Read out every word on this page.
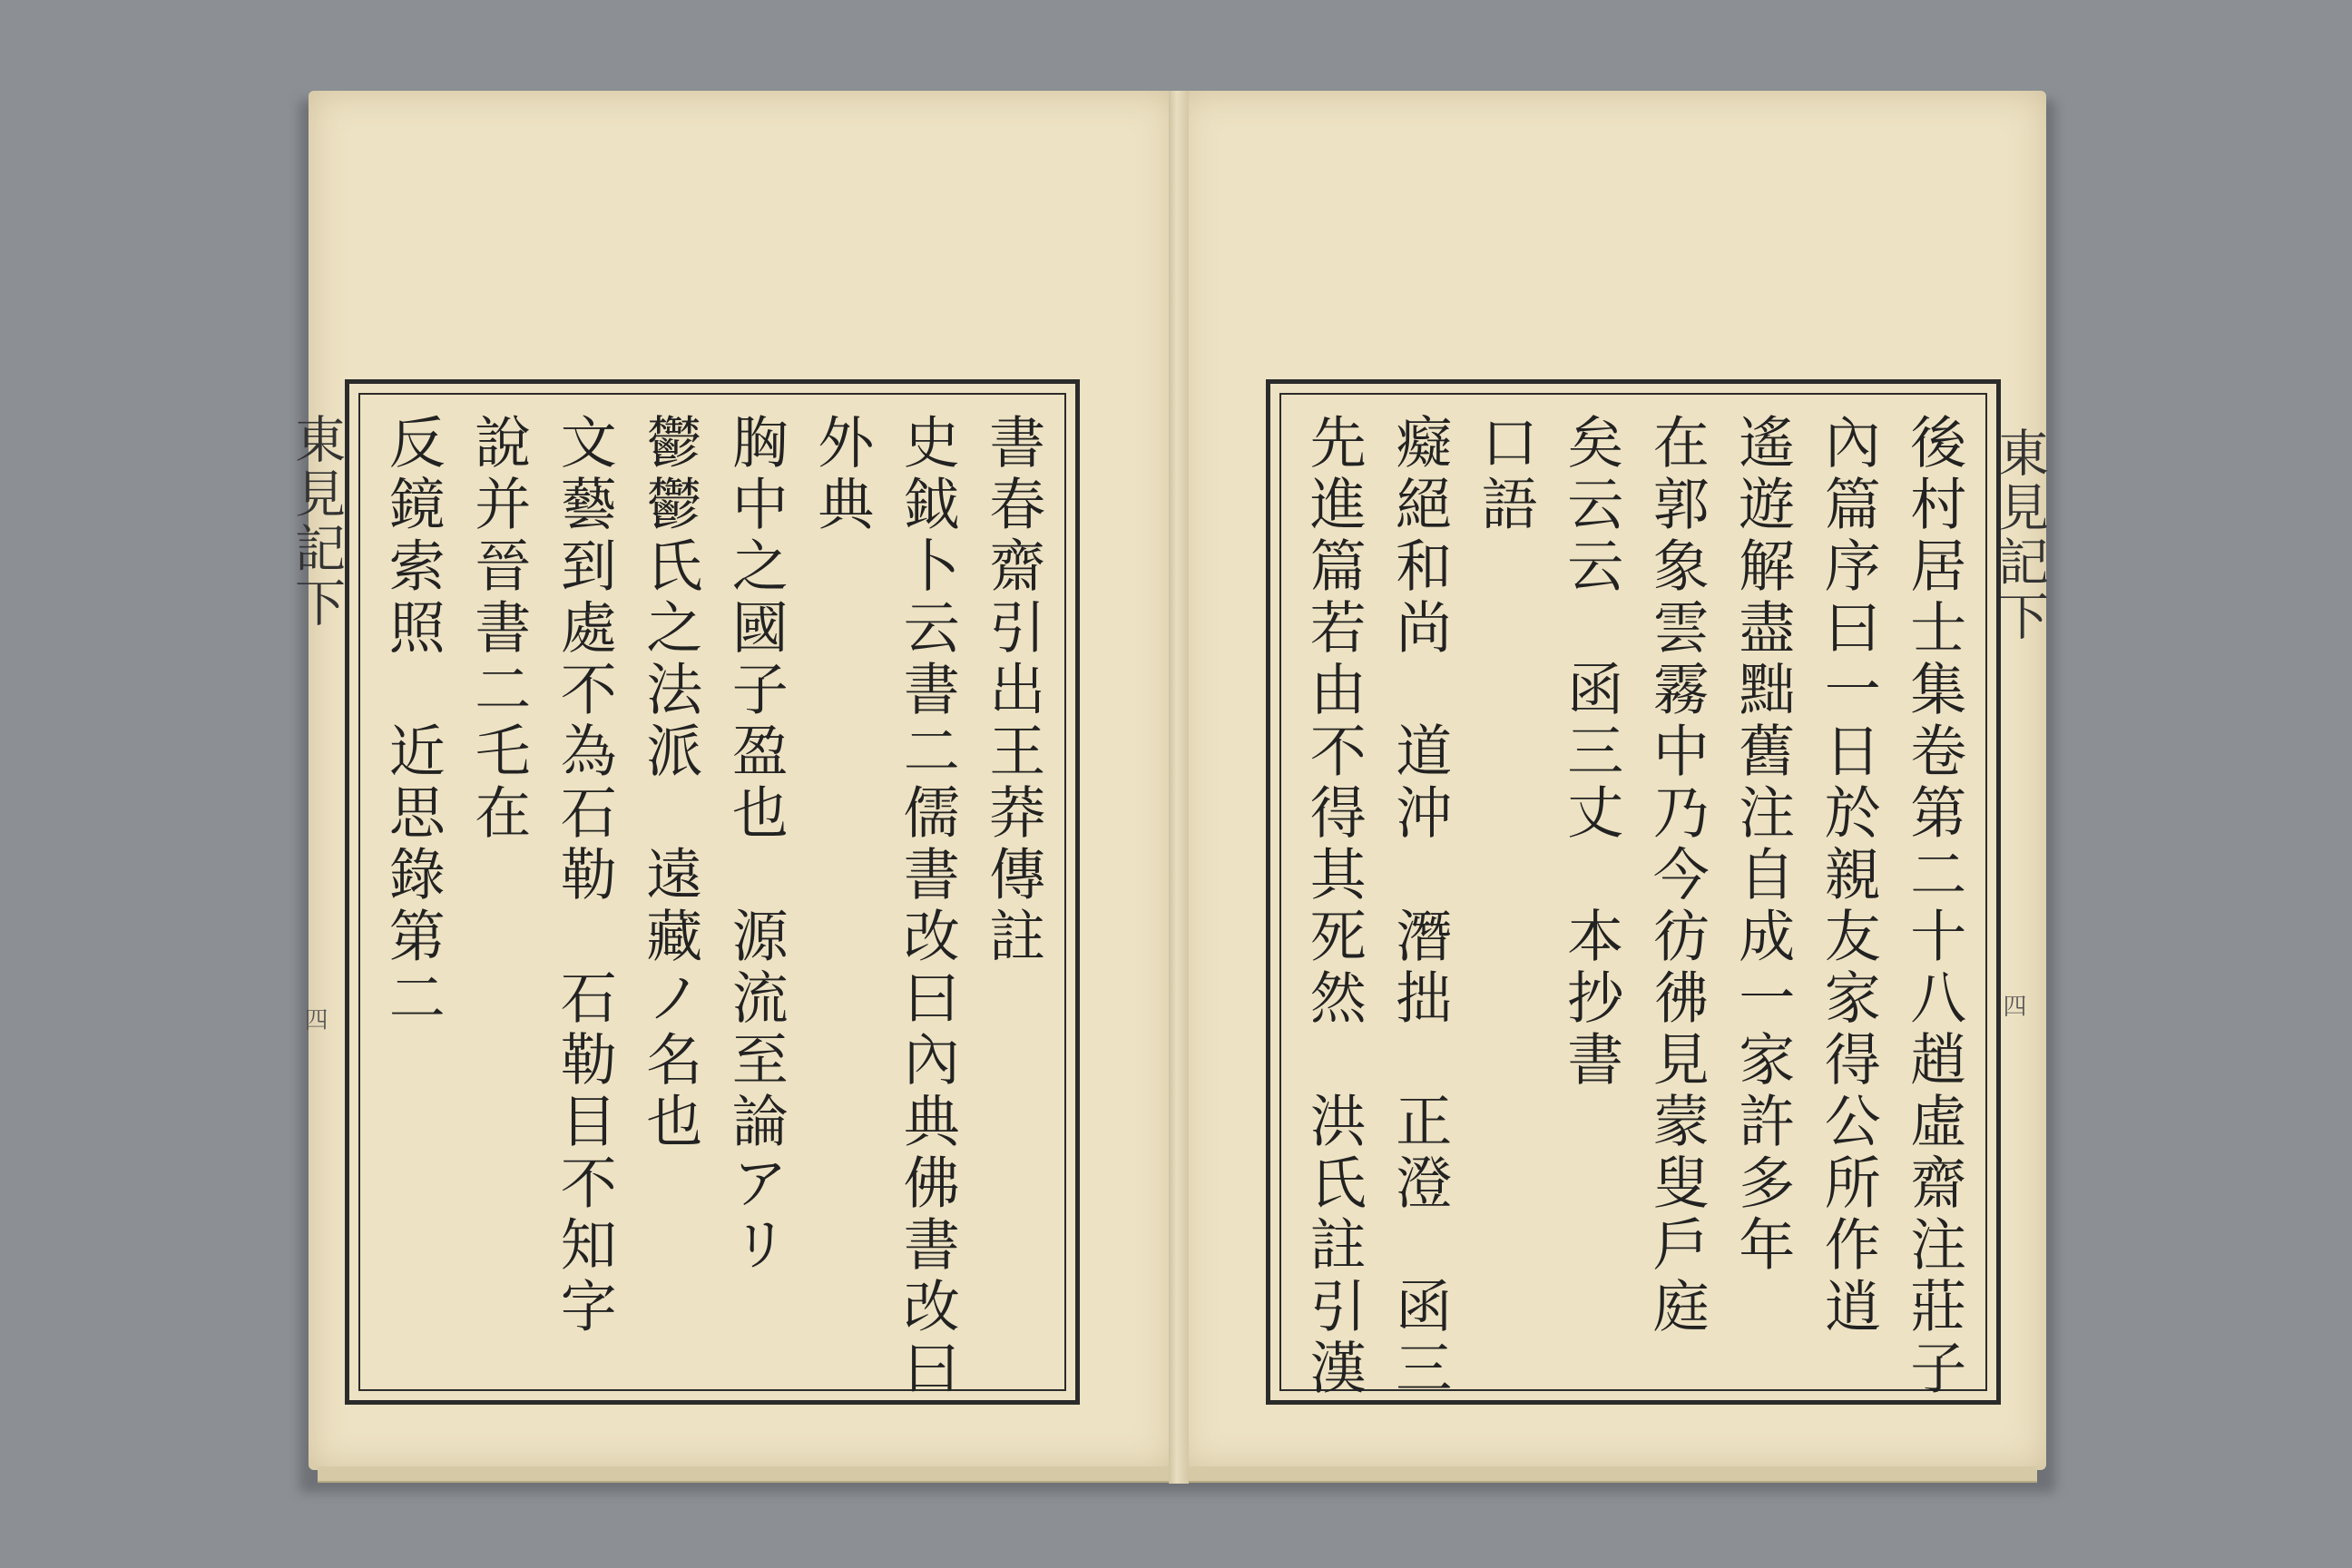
東見記下
四
東見記下
四
書春齋引出王莽傳註
史鉞卜云書二儒書改曰內典佛書改曰
外典
胸中之國子盈也　源流至論アリ
鬱鬱氏之法派　遠藏ノ名也
文藝到處不為石勒　石勒目不知字
說并晉書二乇在
反鏡索照　近思錄第二	後村居士集卷第二十八趙虛齋注莊子
內篇序曰一日於親友家得公所作逍
遙遊解盡黜舊注自成一家許多年
在郭象雲霧中乃今彷彿見蒙叟戶庭
矣云云　函三丈　本抄書
口語
癡絕和尚　道沖　潛拙　正澄　函三
先進篇若由不得其死然　洪氏註引漢
